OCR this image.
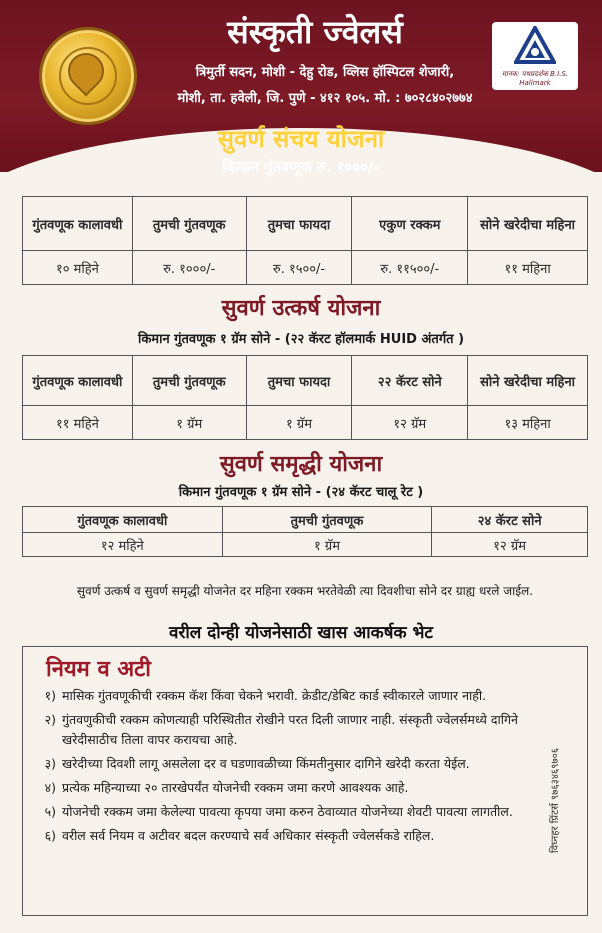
संस्कृती ज्वेलर्स
त्रिमुर्ती सदन, मोशी - देहु रोड, व्लिस हॉस्पिटल शेजारी,
मोशी, ता. हवेली, जि. पुणे - ४१२ १०५. मो. : ७०२८४०२७७४
मानक: पथप्रदर्शक B.I.S. Hallmark
सुवर्ण संचय योजना
किमान गुंतवणूक रु. १०००/-
गुंतवणूक कालावधी	तुमची गुंतवणूक	तुमचा फायदा	एकुण रक्कम	सोने खरेदीचा महिना
१० महिने	रु. १०००/-	रु. १५००/-	रु. ११५००/-	११ महिना
सुवर्ण उत्कर्ष योजना
किमान गुंतवणूक १ ग्रॅम सोने - (२२ कॅरट हॉलमार्क HUID अंतर्गत )
गुंतवणूक कालावधी	तुमची गुंतवणूक	तुमचा फायदा	२२ कॅरट सोने	सोने खरेदीचा महिना
११ महिने	१ ग्रॅम	१ ग्रॅम	१२ ग्रॅम	१३ महिना
सुवर्ण समृद्धी योजना
किमान गुंतवणूक १ ग्रॅम सोने - (२४ कॅरट चालू रेट )
गुंतवणूक कालावधी	तुमची गुंतवणूक	२४ कॅरट सोने
१२ महिने	१ ग्रॅम	१२ ग्रॅम
सुवर्ण उत्कर्ष व सुवर्ण समृद्धी योजनेत दर महिना रक्कम भरतेवेळी त्या दिवशीचा सोने दर ग्राह्य धरले जाईल.
वरील दोन्ही योजनेसाठी खास आकर्षक भेट
नियम व अटी
१) मासिक गुंतवणूकीची रक्कम कॅश किंवा चेकने भरावी. क्रेडीट/डेबिट कार्ड स्वीकारले जाणार नाही.
२) गुंतवणुकीची रक्कम कोणत्याही परिस्थितीत रोखीने परत दिली जाणार नाही. संस्कृती ज्वेलर्समध्ये दागिने खरेदीसाठीच तिला वापर करायचा आहे.
३) खरेदीच्या दिवशी लागू असलेला दर व घडणावळीच्या किंमतीनुसार दागिने खरेदी करता येईल.
४) प्रत्येक महिन्याच्या २० तारखेपर्यंत योजनेची रक्कम जमा करणे आवश्यक आहे.
५) योजनेची रक्कम जमा केलेल्या पावत्या कृपया जमा करुन ठेवाव्यात योजनेच्या शेवटी पावत्या लागतील.
६) वरील सर्व नियम व अटीवर बदल करण्याचे सर्व अधिकार संस्कृती ज्वेलर्सकडे राहिल.	विघ्नहर प्रिंटर्स ९७६३४६९७०६
